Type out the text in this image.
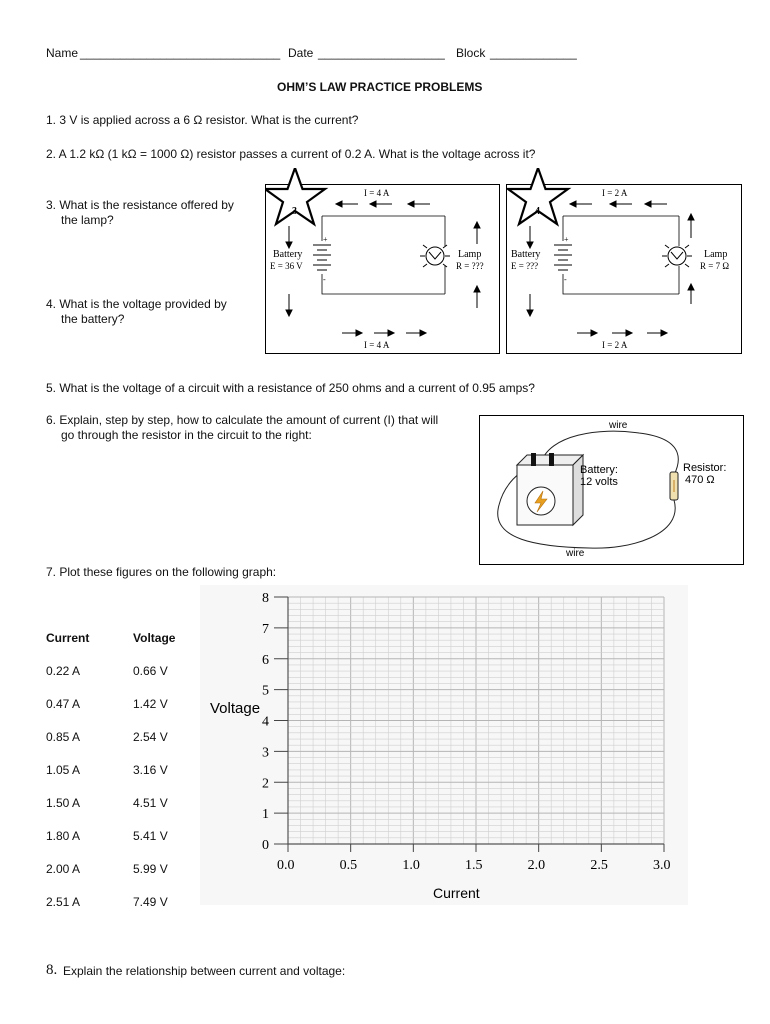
Name ______________________________ Date ___________________ Block _____________
OHM’S LAW PRACTICE PROBLEMS
1. 3 V is applied across a 6 Ω resistor. What is the current?
2. A 1.2 kΩ (1 kΩ = 1000 Ω) resistor passes a current of 0.2 A. What is the voltage across it?
3. What is the resistance offered by
the lamp?
4. What is the voltage provided by
the battery?
+
-
3
I = 4 A
I = 4 A
Battery
E = 36 V
Lamp
R = ???
+
-
4
I = 2 A
I = 2 A
Battery
E = ???
Lamp
R = 7 Ω
5. What is the voltage of a circuit with a resistance of 250 ohms and a current of 0.95 amps?
6. Explain, step by step, how to calculate the amount of current (I) that will
go through the resistor in the circuit to the right:
wire
wire
Battery:
12 volts
Resistor:
470 Ω
7. Plot these figures on the following graph:
Current	Voltage
0.22 A	0.66 V
0.47 A	1.42 V
0.85 A	2.54 V
1.05 A	3.16 V
1.50 A	4.51 V
1.80 A	5.41 V
2.00 A	5.99 V
2.51 A	7.49 V
0
1
2
3
4
5
6
7
8
0.0	0.5	1.0	1.5	2.0	2.5	3.0
Voltage
Current
8. Explain the relationship between current and voltage:
